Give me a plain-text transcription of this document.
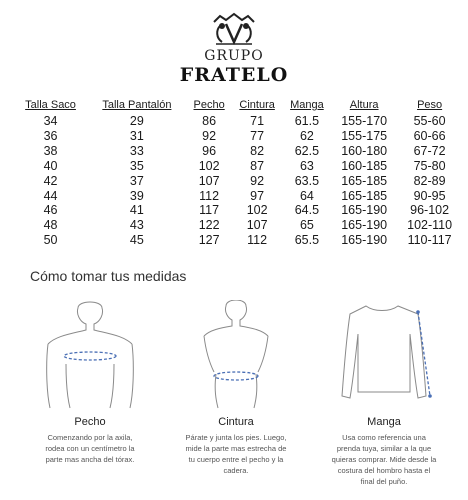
GRUPO
FRATELO
Talla Saco	Talla Pantalón	Pecho	Cintura	Manga	Altura	Peso
34	29	86	71	61.5	155-170	55-60
36	31	92	77	62	155-175	60-66
38	33	96	82	62.5	160-180	67-72
40	35	102	87	63	160-185	75-80
42	37	107	92	63.5	165-185	82-89
44	39	112	97	64	165-185	90-95
46	41	117	102	64.5	165-190	96-102
48	43	122	107	65	165-190	102-110
50	45	127	112	65.5	165-190	110-117
Cómo tomar tus medidas
Pecho
Comenzando por la axila,
rodea con un centímetro la
parte mas ancha del tórax.
Cintura
Párate y junta los pies. Luego,
mide la parte mas estrecha de
tu cuerpo entre el pecho y la
cadera.
Manga
Usa como referencia una
prenda tuya, similar a la que
quieras comprar. Mide desde la
costura del hombro hasta el
final del puño.
